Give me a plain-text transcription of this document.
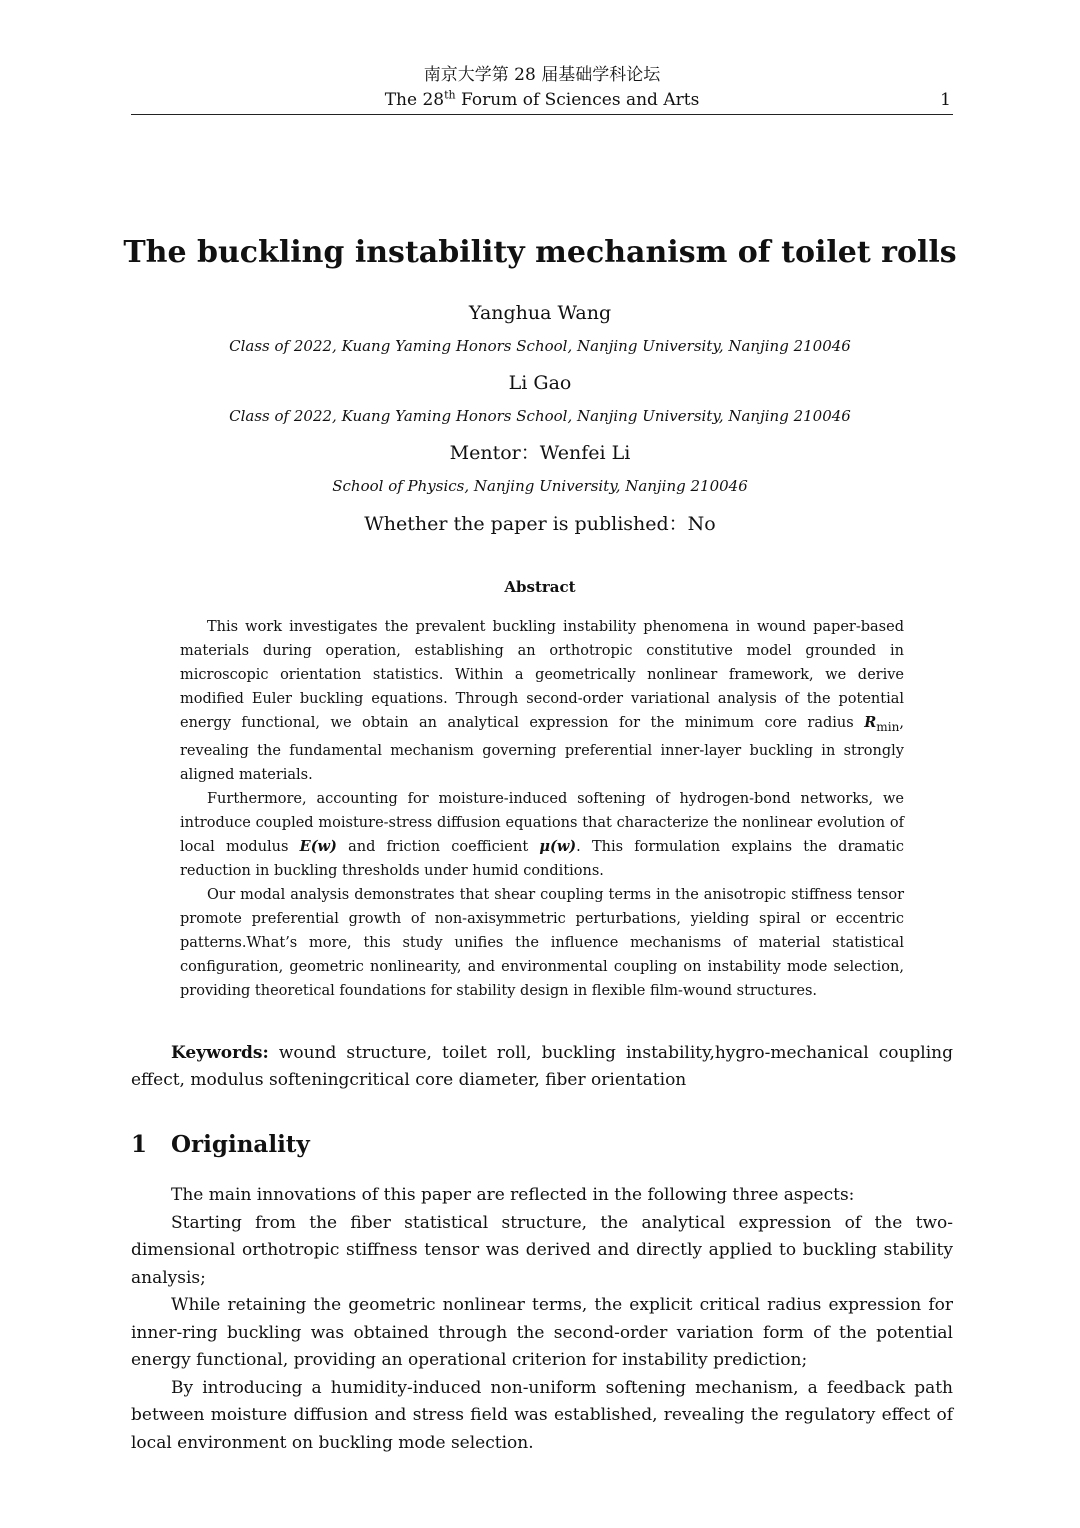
南京大学第 28 届基础学科论坛
The 28th Forum of Sciences and Arts	1
The buckling instability mechanism of toilet rolls
Yanghua Wang
Class of 2022, Kuang Yaming Honors School, Nanjing University, Nanjing 210046
Li Gao
Class of 2022, Kuang Yaming Honors School, Nanjing University, Nanjing 210046
Mentor：Wenfei Li
School of Physics, Nanjing University, Nanjing 210046
Whether the paper is published：No
Abstract

This work investigates the prevalent buckling instability phenomena in wound paper-based materials during operation, establishing an orthotropic constitutive model grounded in microscopic orientation statistics. Within a geometrically nonlinear framework, we derive modified Euler buckling equations. Through second-order variational analysis of the potential energy functional, we obtain an analytical expression for the minimum core radius $R_{min}$, revealing the fundamental mechanism governing preferential inner-layer buckling in strongly aligned materials.

Furthermore, accounting for moisture-induced softening of hydrogen-bond networks, we introduce coupled moisture-stress diffusion equations that characterize the nonlinear evolution of local modulus E(w) and friction coefficient μ(w). This formulation explains the dramatic reduction in buckling thresholds under humid conditions.

Our modal analysis demonstrates that shear coupling terms in the anisotropic stiffness tensor promote preferential growth of non-axisymmetric perturbations, yielding spiral or eccentric patterns.What’s more, this study unifies the influence mechanisms of material statistical configuration, geometric nonlinearity, and environmental coupling on instability mode selection, providing theoretical foundations for stability design in flexible film-wound structures.

Keywords: wound structure, toilet roll, buckling instability,hygro-mechanical coupling effect, modulus softeningcritical core diameter, fiber orientation

1 Originality

The main innovations of this paper are reflected in the following three aspects:

Starting from the fiber statistical structure, the analytical expression of the two-dimensional orthotropic stiffness tensor was derived and directly applied to buckling stability analysis;

While retaining the geometric nonlinear terms, the explicit critical radius expression for inner-ring buckling was obtained through the second-order variation form of the potential energy functional, providing an operational criterion for instability prediction;

By introducing a humidity-induced non-uniform softening mechanism, a feedback path between moisture diffusion and stress field was established, revealing the regulatory effect of local environment on buckling mode selection.
